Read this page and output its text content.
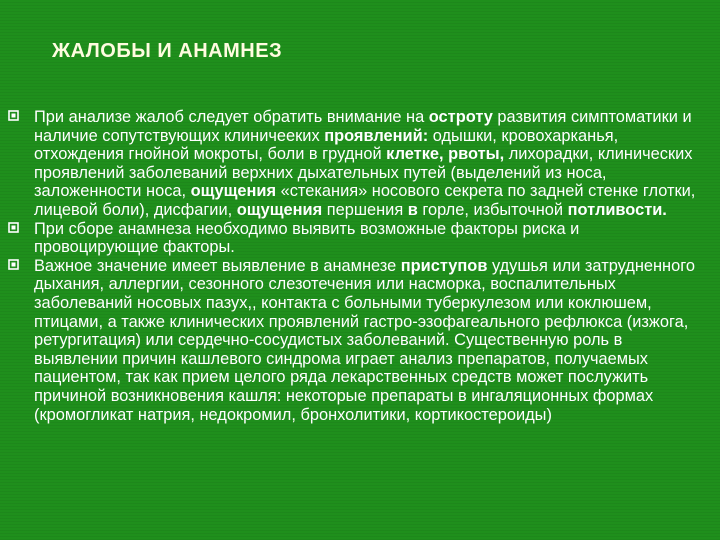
ЖАЛОБЫ И АНАМНЕЗ
При анализе жалоб следует обратить внимание на остроту развития симптоматики и наличие сопутствующих клиничееких проявлений: одышки, кровохарканья, отхождения гнойной мокроты, боли в грудной клетке, рвоты, лихорадки, клинических проявлений заболеваний верхних дыхательных путей (выделений из носа, заложенности носа, ощущения «стекания» носового секрета по задней стенке глотки, лицевой боли), дисфагии, ощущения першения в горле, избыточной потливости.
При сборе анамнеза необходимо выявить возможные факторы риска и провоцирующие факторы.
Важное значение имеет выявление в анамнезе приступов удушья или затрудненного дыхания, аллергии, сезонного слезотечения или насморка, воспалительных заболеваний носовых пазух,, контакта с больными туберкулезом или коклюшем, птицами, а также клинических проявлений гастро-эзофагеального рефлюкса (изжога, ретургитация) или сердечно-сосудистых заболеваний. Существенную роль в выявлении причин кашлевого синдрома играет анализ препаратов, получаемых пациентом, так как прием целого ряда лекарственных средств может послужить причиной возникновения кашля: некоторые препараты в ингаляционных формах (кромогликат натрия, недокромил, бронхолитики, кортикостероиды)
